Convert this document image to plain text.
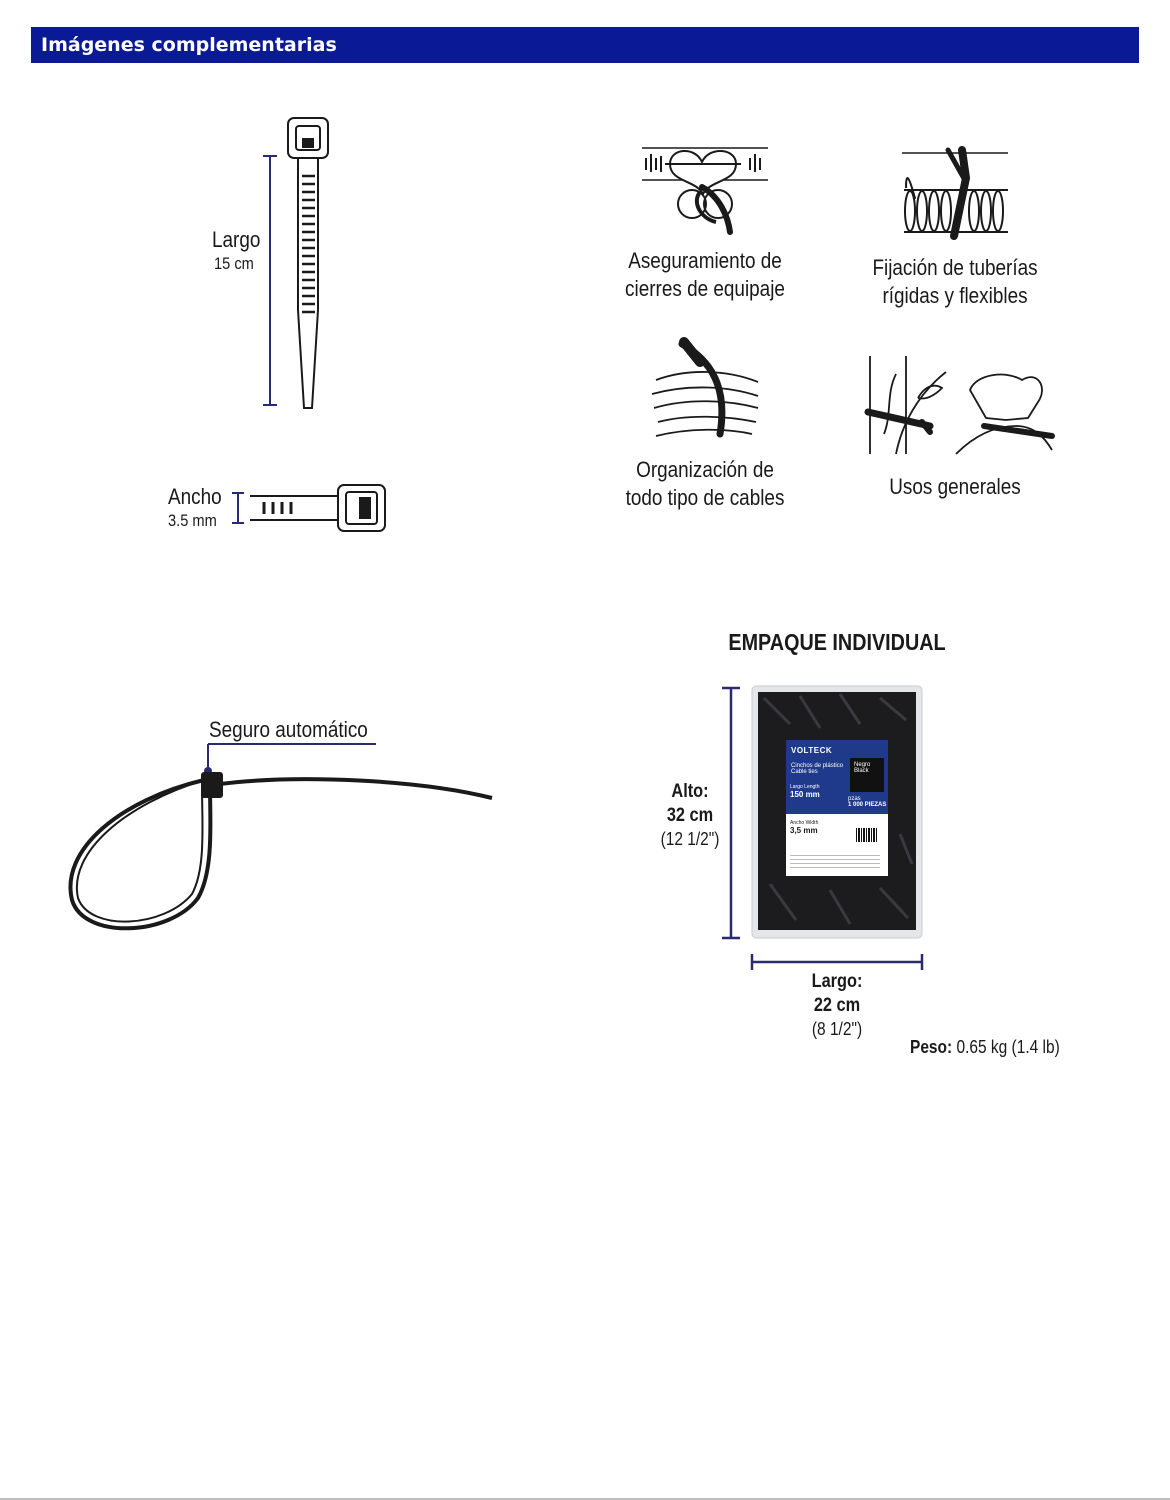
Imágenes complementarias
Largo
15 cm
Ancho
3.5 mm
Aseguramiento de
cierres de equipaje
Fijación de tuberías
rígidas y flexibles
Organización de
todo tipo de cables	Usos generales
Seguro automático
EMPAQUE INDIVIDUAL
Alto:
32 cm
(12 1/2")
VOLTECK
Cinchos de plástico
Cable ties
Negro
Black
Largo Length
150 mm	pzas
1 000 PIEZAS
Ancho Width
3,5 mm
Largo:
22 cm
(8 1/2")
Peso: 0.65 kg (1.4 lb)
